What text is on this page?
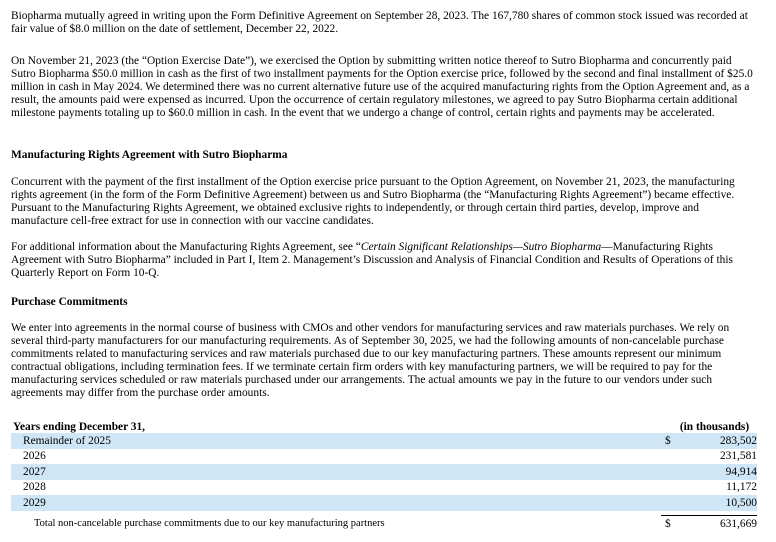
Biopharma mutually agreed in writing upon the Form Definitive Agreement on September 28, 2023. The 167,780 shares of common stock issued was recorded at fair value of $8.0 million on the date of settlement, December 22, 2022.

On November 21, 2023 (the “Option Exercise Date”), we exercised the Option by submitting written notice thereof to Sutro Biopharma and concurrently paid Sutro Biopharma $50.0 million in cash as the first of two installment payments for the Option exercise price, followed by the second and final installment of $25.0 million in cash in May 2024. We determined there was no current alternative future use of the acquired manufacturing rights from the Option Agreement and, as a result, the amounts paid were expensed as incurred. Upon the occurrence of certain regulatory milestones, we agreed to pay Sutro Biopharma certain additional milestone payments totaling up to $60.0 million in cash. In the event that we undergo a change of control, certain rights and payments may be accelerated.

Manufacturing Rights Agreement with Sutro Biopharma

Concurrent with the payment of the first installment of the Option exercise price pursuant to the Option Agreement, on November 21, 2023, the manufacturing rights agreement (in the form of the Form Definitive Agreement) between us and Sutro Biopharma (the “Manufacturing Rights Agreement”) became effective. Pursuant to the Manufacturing Rights Agreement, we obtained exclusive rights to independently, or through certain third parties, develop, improve and manufacture cell-free extract for use in connection with our vaccine candidates.

For additional information about the Manufacturing Rights Agreement, see “Certain Significant Relationships—Sutro Biopharma—Manufacturing Rights Agreement with Sutro Biopharma” included in Part I, Item 2. Management’s Discussion and Analysis of Financial Condition and Results of Operations of this Quarterly Report on Form 10-Q.

Purchase Commitments

We enter into agreements in the normal course of business with CMOs and other vendors for manufacturing services and raw materials purchases. We rely on several third-party manufacturers for our manufacturing requirements. As of September 30, 2025, we had the following amounts of non-cancelable purchase commitments related to manufacturing services and raw materials purchased due to our key manufacturing partners. These amounts represent our minimum contractual obligations, including termination fees. If we terminate certain firm orders with key manufacturing partners, we will be required to pay for the manufacturing services scheduled or raw materials purchased under our arrangements. The actual amounts we pay in the future to our vendors under such agreements may differ from the purchase order amounts.

Years ending December 31,	(in thousands)
Remainder of 2025	$	283,502
2026	231,581
2027	94,914
2028	11,172
2029	10,500
Total non-cancelable purchase commitments due to our key manufacturing partners	$	631,669
